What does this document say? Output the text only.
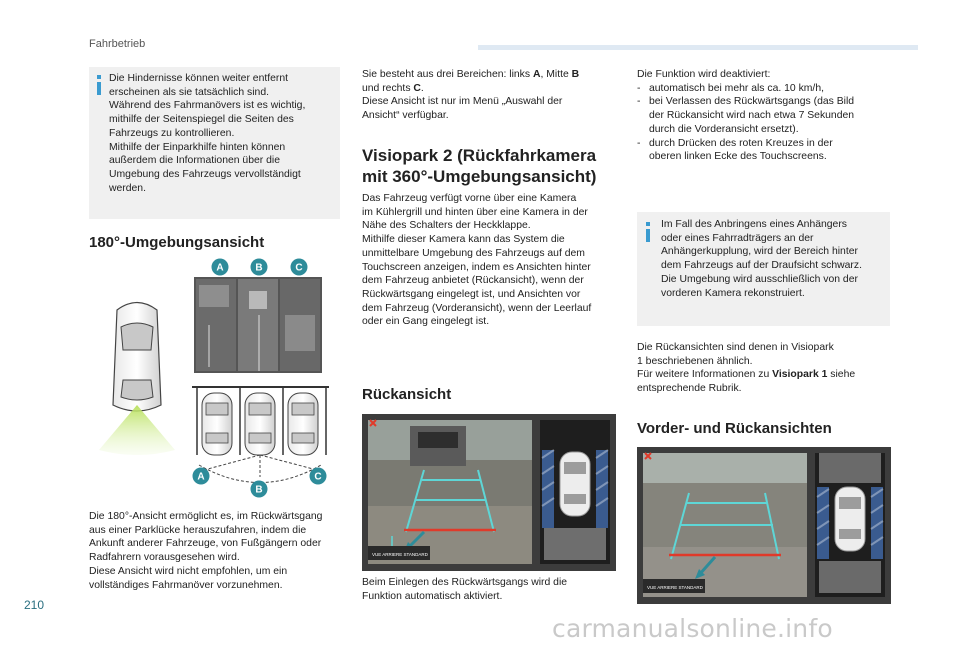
Fahrbetrieb
Die Hindernisse können weiter entfernt
erscheinen als sie tatsächlich sind.
Während des Fahrmanövers ist es wichtig,
mithilfe der Seitenspiegel die Seiten des
Fahrzeugs zu kontrollieren.
Mithilfe der Einparkhilfe hinten können
außerdem die Informationen über die
Umgebung des Fahrzeugs vervollständigt
werden.
180°-Umgebungsansicht
A	B	C
A
B
C
Die 180°-Ansicht ermöglicht es, im Rückwärtsgang
aus einer Parklücke herauszufahren, indem die
Ankunft anderer Fahrzeuge, von Fußgängern oder
Radfahrern vorausgesehen wird.
Diese Ansicht wird nicht empfohlen, um ein
vollständiges Fahrmanöver vorzunehmen.
Sie besteht aus drei Bereichen: links A, Mitte B
und rechts C.
Diese Ansicht ist nur im Menü „Auswahl der
Ansicht“ verfügbar.
Visiopark 2 (Rückfahrkamera
mit 360°-Umgebungsansicht)
Das Fahrzeug verfügt vorne über eine Kamera
im Kühlergrill und hinten über eine Kamera in der
Nähe des Schalters der Heckklappe.
Mithilfe dieser Kamera kann das System die
unmittelbare Umgebung des Fahrzeugs auf dem
Touchscreen anzeigen, indem es Ansichten hinter
dem Fahrzeug anbietet (Rückansicht), wenn der
Rückwärtsgang eingelegt ist, und Ansichten vor
dem Fahrzeug (Vorderansicht), wenn der Leerlauf
oder ein Gang eingelegt ist.
Rückansicht
VUE ARRIERE STANDARD
Beim Einlegen des Rückwärtsgangs wird die
Funktion automatisch aktiviert.
Die Funktion wird deaktiviert:
- automatisch bei mehr als ca. 10 km/h,
- bei Verlassen des Rückwärtsgangs (das Bild
der Rückansicht wird nach etwa 7 Sekunden
durch die Vorderansicht ersetzt).
- durch Drücken des roten Kreuzes in der
oberen linken Ecke des Touchscreens.
Im Fall des Anbringens eines Anhängers
oder eines Fahrradträgers an der
Anhängerkupplung, wird der Bereich hinter
dem Fahrzeugs auf der Draufsicht schwarz.
Die Umgebung wird ausschließlich von der
vorderen Kamera rekonstruiert.
Die Rückansichten sind denen in Visiopark
1 beschriebenen ähnlich.
Für weitere Informationen zu Visiopark 1 siehe
entsprechende Rubrik.
Vorder- und Rückansichten
VUE ARRIERE STANDARD
210
carmanualsonline.info
